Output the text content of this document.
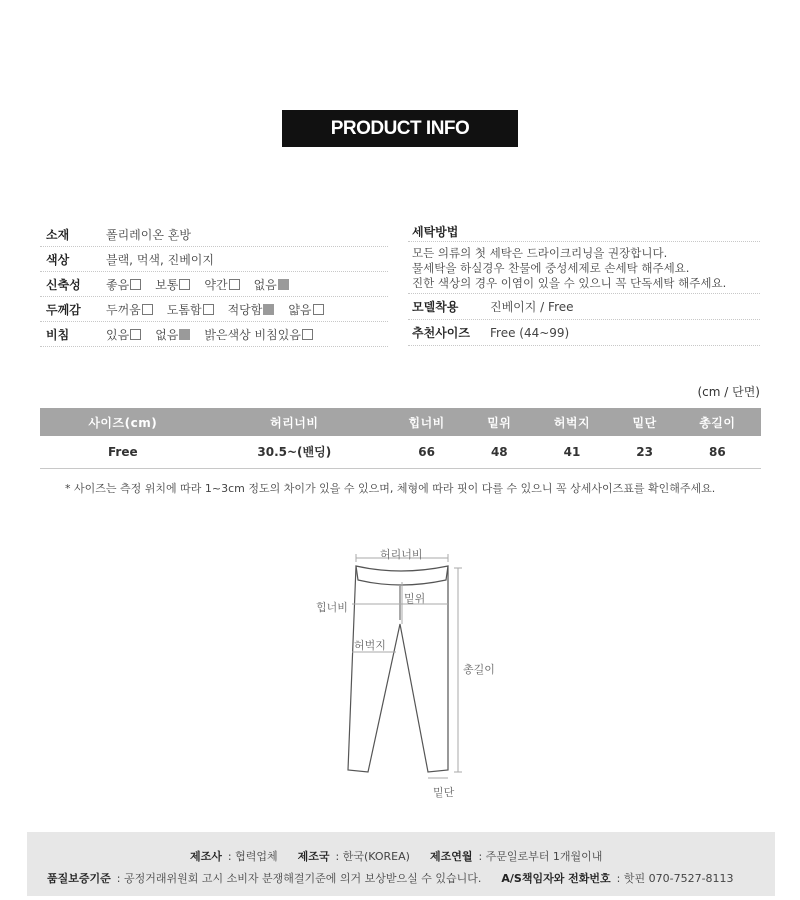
PRODUCT INFO
소재	폴리레이온 혼방
색상	블랙, 먹색, 진베이지
신축성	좋음 보통 약간 없음
두께감	두꺼움 도톰함 적당함 얇음
비침	있음 없음 밝은색상 비침있음
세탁방법
모든 의류의 첫 세탁은 드라이크리닝을 권장합니다.
물세탁을 하실경우 찬물에 중성세제로 손세탁 해주세요.
진한 색상의 경우 이염이 있을 수 있으니 꼭 단독세탁 해주세요.
모델착용	진베이지 / Free
추천사이즈	Free (44~99)
(cm / 단면)
사이즈(cm)	허리너비	힙너비	밑위	허벅지	밑단	총길이
Free	30.5~(밴딩)	66	48	41	23	86
* 사이즈는 측정 위치에 따라 1~3cm 정도의 차이가 있을 수 있으며, 체형에 따라 핏이 다를 수 있으니 꼭 상세사이즈표를 확인해주세요.
허리너비
밑위
힙너비
허벅지
총길이
밑단
제조사 : 협력업체 제조국 : 한국(KOREA) 제조연월 : 주문일로부터 1개월이내
품질보증기준 : 공정거래위원회 고시 소비자 분쟁해결기준에 의거 보상받으실 수 있습니다. A/S책임자와 전화번호 : 핫핀 070-7527-8113
